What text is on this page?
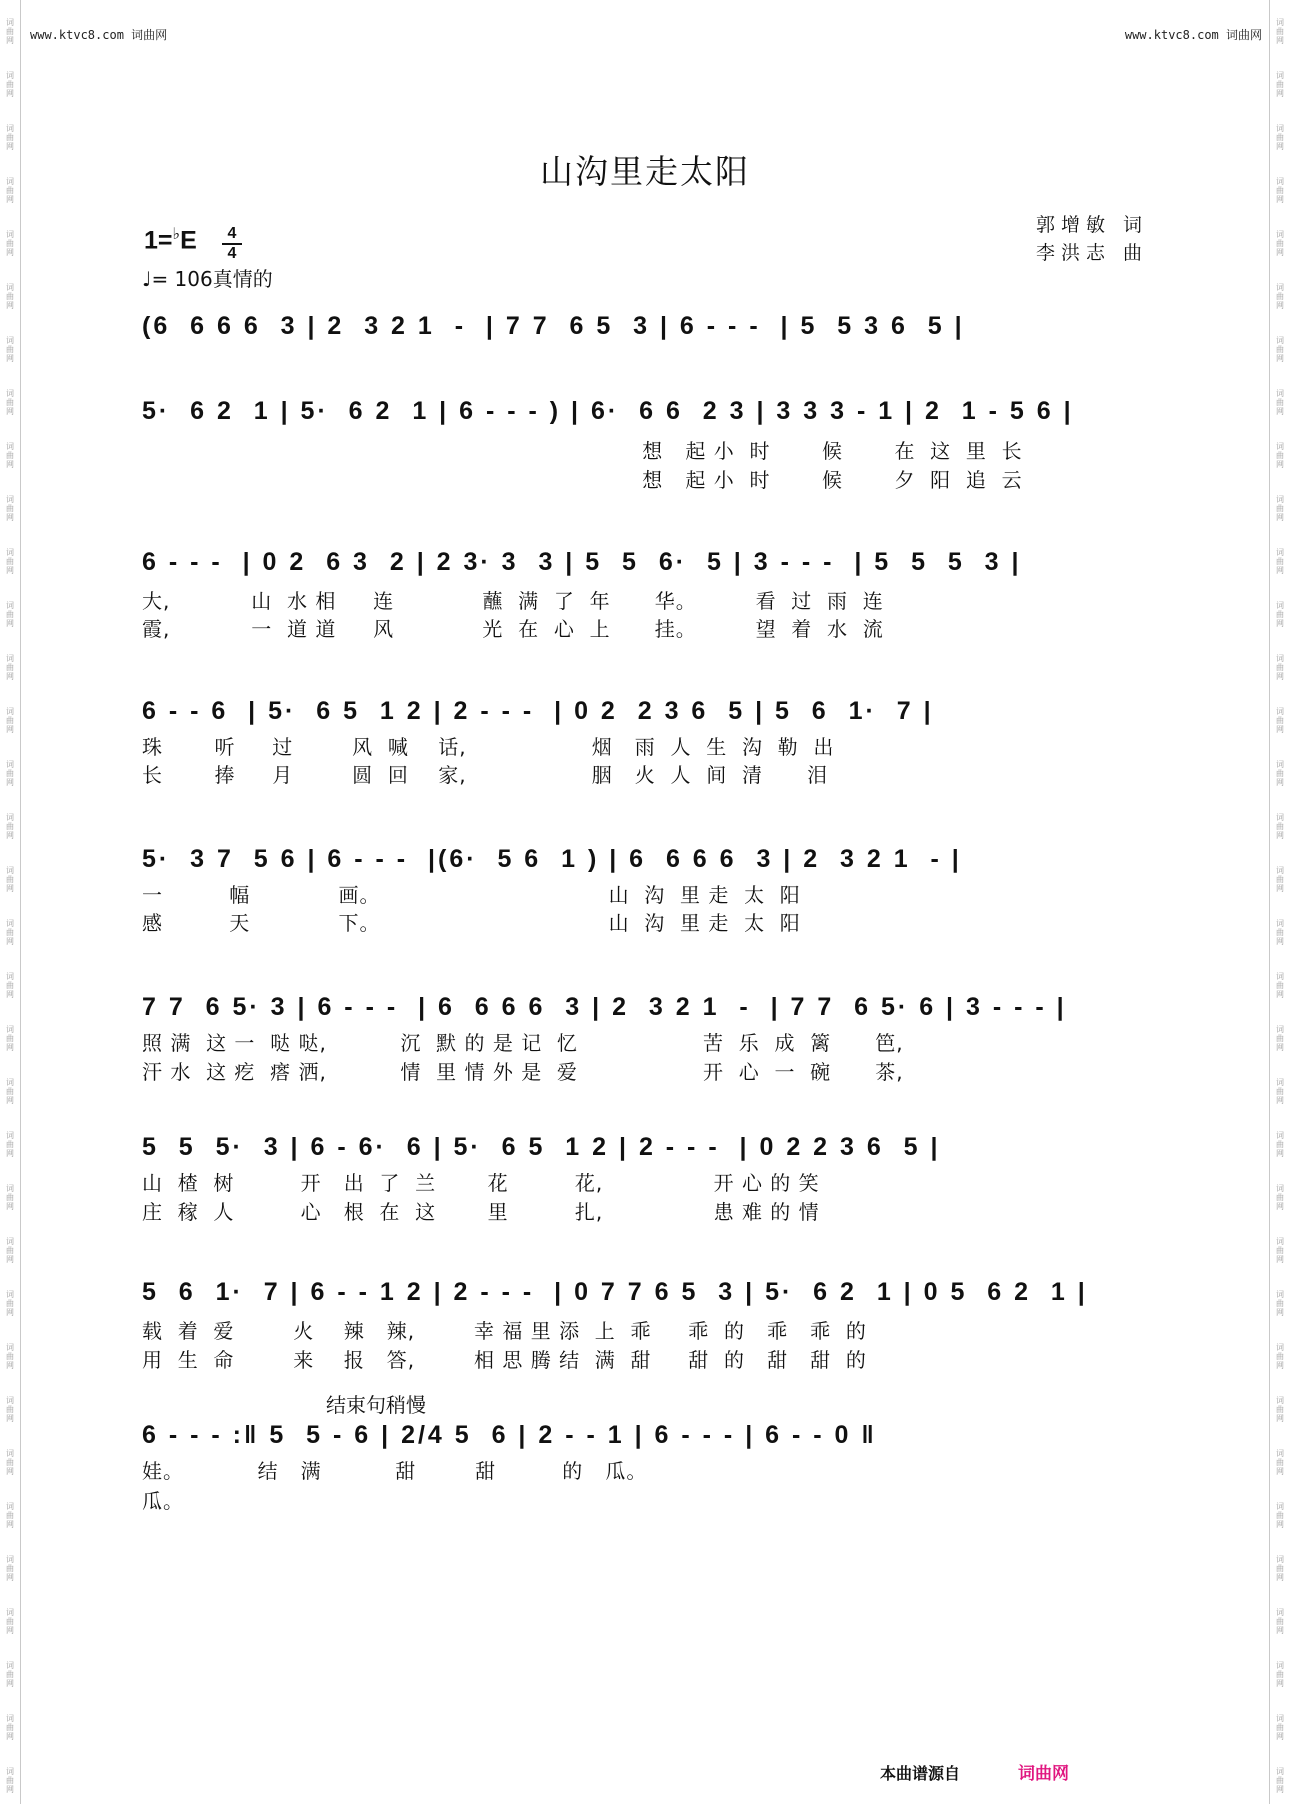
词
曲
网
词
曲
网
词
曲
网
词
曲
网
词
曲
网
词
曲
网
词
曲
网
词
曲
网
词
曲
网
词
曲
网
词
曲
网
词
曲
网
词
曲
网
词
曲
网
词
曲
网
词
曲
网
词
曲
网
词
曲
网
词
曲
网
词
曲
网
词
曲
网
词
曲
网
词
曲
网
词
曲
网
词
曲
网
词
曲
网
词
曲
网
词
曲
网
词
曲
网
词
曲
网
词
曲
网
词
曲
网
词
曲
网
词
曲
网
词
曲
网
词
曲
网
词
曲
网
词
曲
网
词
曲
网
词
曲
网
词
曲
网
词
曲
网
词
曲
网
词
曲
网
词
曲
网
词
曲
网
词
曲
网
词
曲
网
词
曲
网
词
曲
网
词
曲
网
词
曲
网
词
曲
网
词
曲
网
词
曲
网
词
曲
网
词
曲
网
词
曲
网
词
曲
网
词
曲
网
词
曲
网
词
曲
网
词
曲
网
词
曲
网
词
曲
网
词
曲
网
词
曲
网
词
曲
网
www.ktvc8.com 词曲网	www.ktvc8.com 词曲网
山沟里走太阳
郭增敏 词
李洪志 曲
1=♭E	4
4
♩= 106真情的
(6  6 6 6  3 | 2  3 2 1  -  | 7 7  6 5  3 | 6 - - -  | 5  5 3 6  5 |
5·  6 2  1 | 5·  6 2  1 | 6 - - - ) | 6·  6 6  2 3 | 3 3 3 - 1 | 2  1 - 5 6 |
想   起 小  时       候       在  这  里  长
想   起 小  时       候       夕  阳  追  云
6 - - -  | 0 2  6 3  2 | 2 3· 3  3 | 5  5  6·  5 | 3 - - -  | 5  5  5  3 |
大,           山  水 相     连            蘸  满  了  年      华。        看  过  雨  连
霞,           一  道 道     风            光  在  心  上      挂。        望  着  水  流
6 - - 6  | 5·  6 5  1 2 | 2 - - -  | 0 2  2 3 6  5 | 5  6  1·  7 |
珠       听     过        风  喊    话,                 烟   雨  人  生  沟  勒  出
长       捧     月        圆  回    家,                 胭   火  人  间  清      泪
5·  3 7  5 6 | 6 - - -  |(6·  5 6  1 ) | 6  6 6 6  3 | 2  3 2 1  - |
一         幅            画。                               山  沟  里 走  太  阳
感         天            下。                               山  沟  里 走  太  阳
7 7  6 5· 3 | 6 - - -  | 6  6 6 6  3 | 2  3 2 1  -  | 7 7  6 5· 6 | 3 - - - |
照 满  这 一  哒 哒,          沉  默 的 是 记  忆                 苦  乐  成  篱      笆,
汗 水  这 疙  瘩 洒,          情  里 情 外 是  爱                 开  心  一  碗      茶,
5  5  5·  3 | 6 - 6·  6 | 5·  6 5  1 2 | 2 - - -  | 0 2 2 3 6  5 |
山  楂  树         开   出  了  兰       花         花,               开 心 的 笑
庄  稼  人         心   根  在  这       里         扎,               患 难 的 情
5  6  1·  7 | 6 - - 1 2 | 2 - - -  | 0 7 7 6 5  3 | 5·  6 2  1 | 0 5  6 2  1 |
载  着  爱        火    辣   辣,        幸 福 里 添  上  乖     乖  的   乖   乖  的
用  生  命        来    报   答,        相 思 腾 结  满  甜     甜  的   甜   甜  的
结束句稍慢
6 - - - :‖ 5  5 - 6 | 2/4 5  6 | 2 - - 1 | 6 - - - | 6 - - 0 ‖
娃。          结   满          甜        甜         的   瓜。
瓜。
本曲谱源自	词曲网
